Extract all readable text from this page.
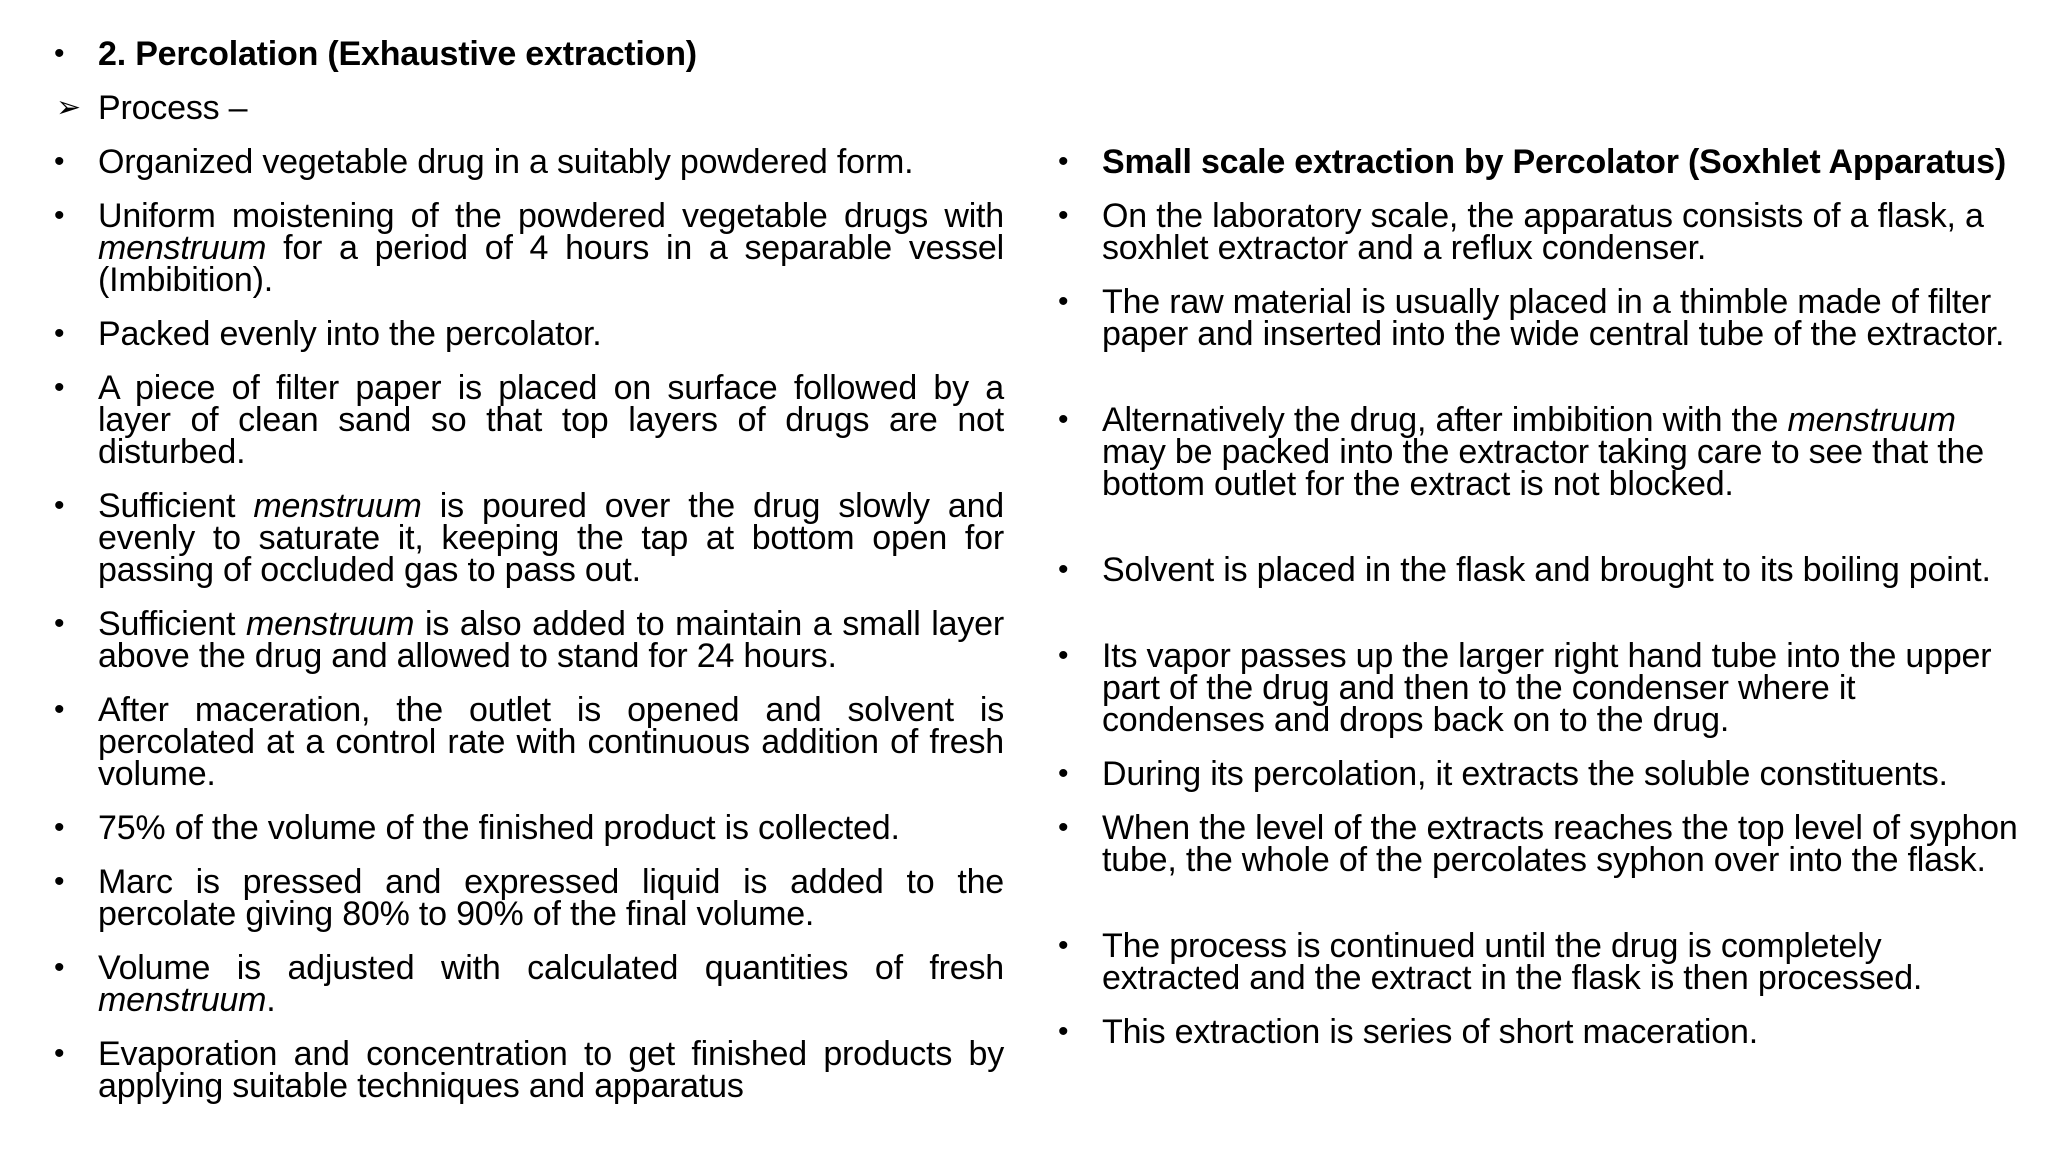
• 2. Percolation (Exhaustive extraction)
➢ Process –
• Organized vegetable drug in a suitably powdered form.
• Uniform moistening of the powdered vegetable drugs with menstruum for a period of 4 hours in a separable vessel (Imbibition).
• Packed evenly into the percolator.
• A piece of filter paper is placed on surface followed by a layer of clean sand so that top layers of drugs are not disturbed.
• Sufficient menstruum is poured over the drug slowly and evenly to saturate it, keeping the tap at bottom open for passing of occluded gas to pass out.
• Sufficient menstruum is also added to maintain a small layer above the drug and allowed to stand for 24 hours.
• After maceration, the outlet is opened and solvent is percolated at a control rate with continuous addition of fresh volume.
• 75% of the volume of the finished product is collected.
• Marc is pressed and expressed liquid is added to the percolate giving 80% to 90% of the final volume.
• Volume is adjusted with calculated quantities of fresh menstruum.
• Evaporation and concentration to get finished products by applying suitable techniques and apparatus
• Small scale extraction by Percolator (Soxhlet Apparatus)
• On the laboratory scale, the apparatus consists of a flask, a soxhlet extractor and a reflux condenser.
• The raw material is usually placed in a thimble made of filter paper and inserted into the wide central tube of the extractor.
• Alternatively the drug, after imbibition with the menstruum may be packed into the extractor taking care to see that the bottom outlet for the extract is not blocked.
• Solvent is placed in the flask and brought to its boiling point.
• Its vapor passes up the larger right hand tube into the upper part of the drug and then to the condenser where it condenses and drops back on to the drug.
• During its percolation, it extracts the soluble constituents.
• When the level of the extracts reaches the top level of syphon tube, the whole of the percolates syphon over into the flask.
• The process is continued until the drug is completely extracted and the extract in the flask is then processed.
• This extraction is series of short maceration.
